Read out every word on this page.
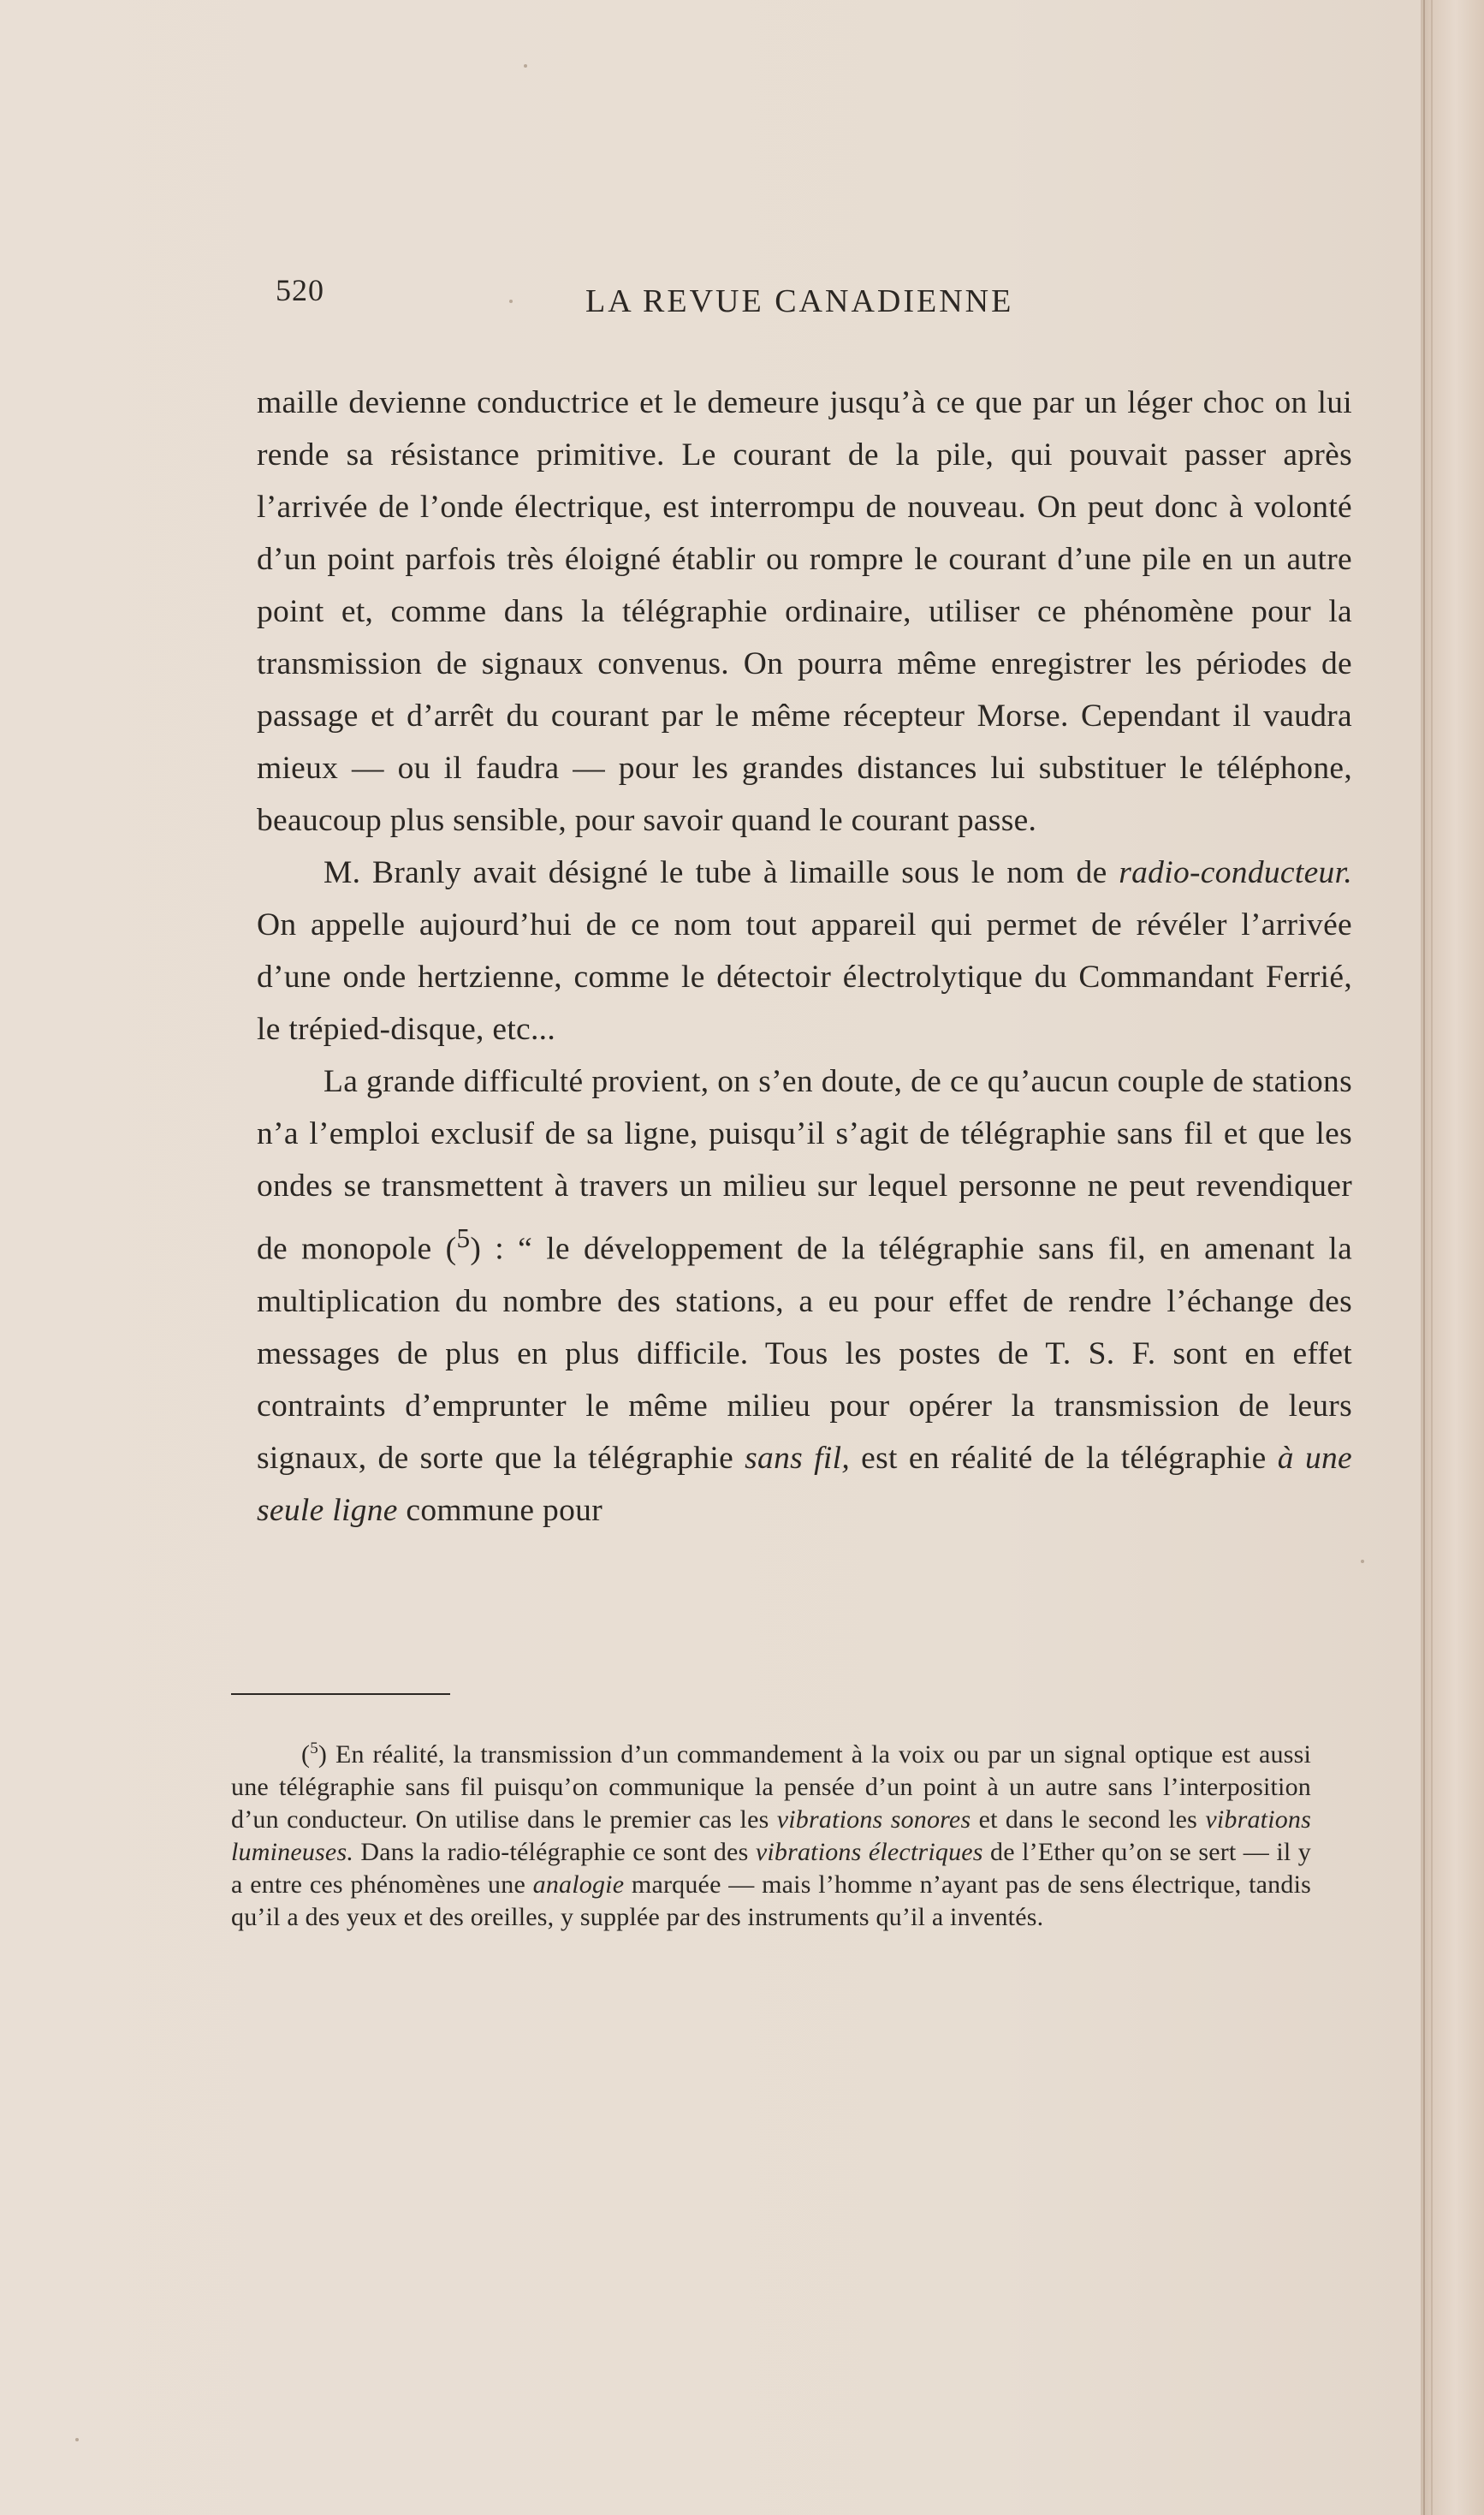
520	LA REVUE CANADIENNE

maille devienne conductrice et le demeure jusqu’à ce que par un léger choc on lui rende sa résistance primitive. Le courant de la pile, qui pouvait passer après l’arrivée de l’onde électrique, est interrompu de nouveau. On peut donc à volonté d’un point parfois très éloigné établir ou rompre le courant d’une pile en un autre point et, comme dans la télégraphie ordinaire, utiliser ce phénomène pour la transmission de signaux convenus. On pourra même enregistrer les périodes de passage et d’arrêt du courant par le même récepteur Morse. Cependant il vaudra mieux — ou il faudra — pour les grandes distances lui substituer le téléphone, beaucoup plus sensible, pour savoir quand le courant passe.

M. Branly avait désigné le tube à limaille sous le nom de radio-conducteur. On appelle aujourd’hui de ce nom tout appareil qui permet de révéler l’arrivée d’une onde hertzienne, comme le détectoir électrolytique du Commandant Ferrié, le trépied-disque, etc...

La grande difficulté provient, on s’en doute, de ce qu’aucun couple de stations n’a l’emploi exclusif de sa ligne, puisqu’il s’agit de télégraphie sans fil et que les ondes se transmettent à travers un milieu sur lequel personne ne peut revendiquer de monopole ($^5$) : “ le développement de la télégraphie sans fil, en amenant la multiplication du nombre des stations, a eu pour effet de rendre l’échange des messages de plus en plus difficile. Tous les postes de T. S. F. sont en effet contraints d’emprunter le même milieu pour opérer la transmission de leurs signaux, de sorte que la télégraphie sans fil, est en réalité de la télégraphie à une seule ligne commune pour

($^5$) En réalité, la transmission d’un commandement à la voix ou par un signal optique est aussi une télégraphie sans fil puisqu’on communique la pensée d’un point à un autre sans l’interposition d’un conducteur. On utilise dans le premier cas les vibrations sonores et dans le second les vibrations lumineuses. Dans la radio-télégraphie ce sont des vibrations électriques de l’Ether qu’on se sert — il y a entre ces phénomènes une analogie marquée — mais l’homme n’ayant pas de sens électrique, tandis qu’il a des yeux et des oreilles, y supplée par des instruments qu’il a inventés.
